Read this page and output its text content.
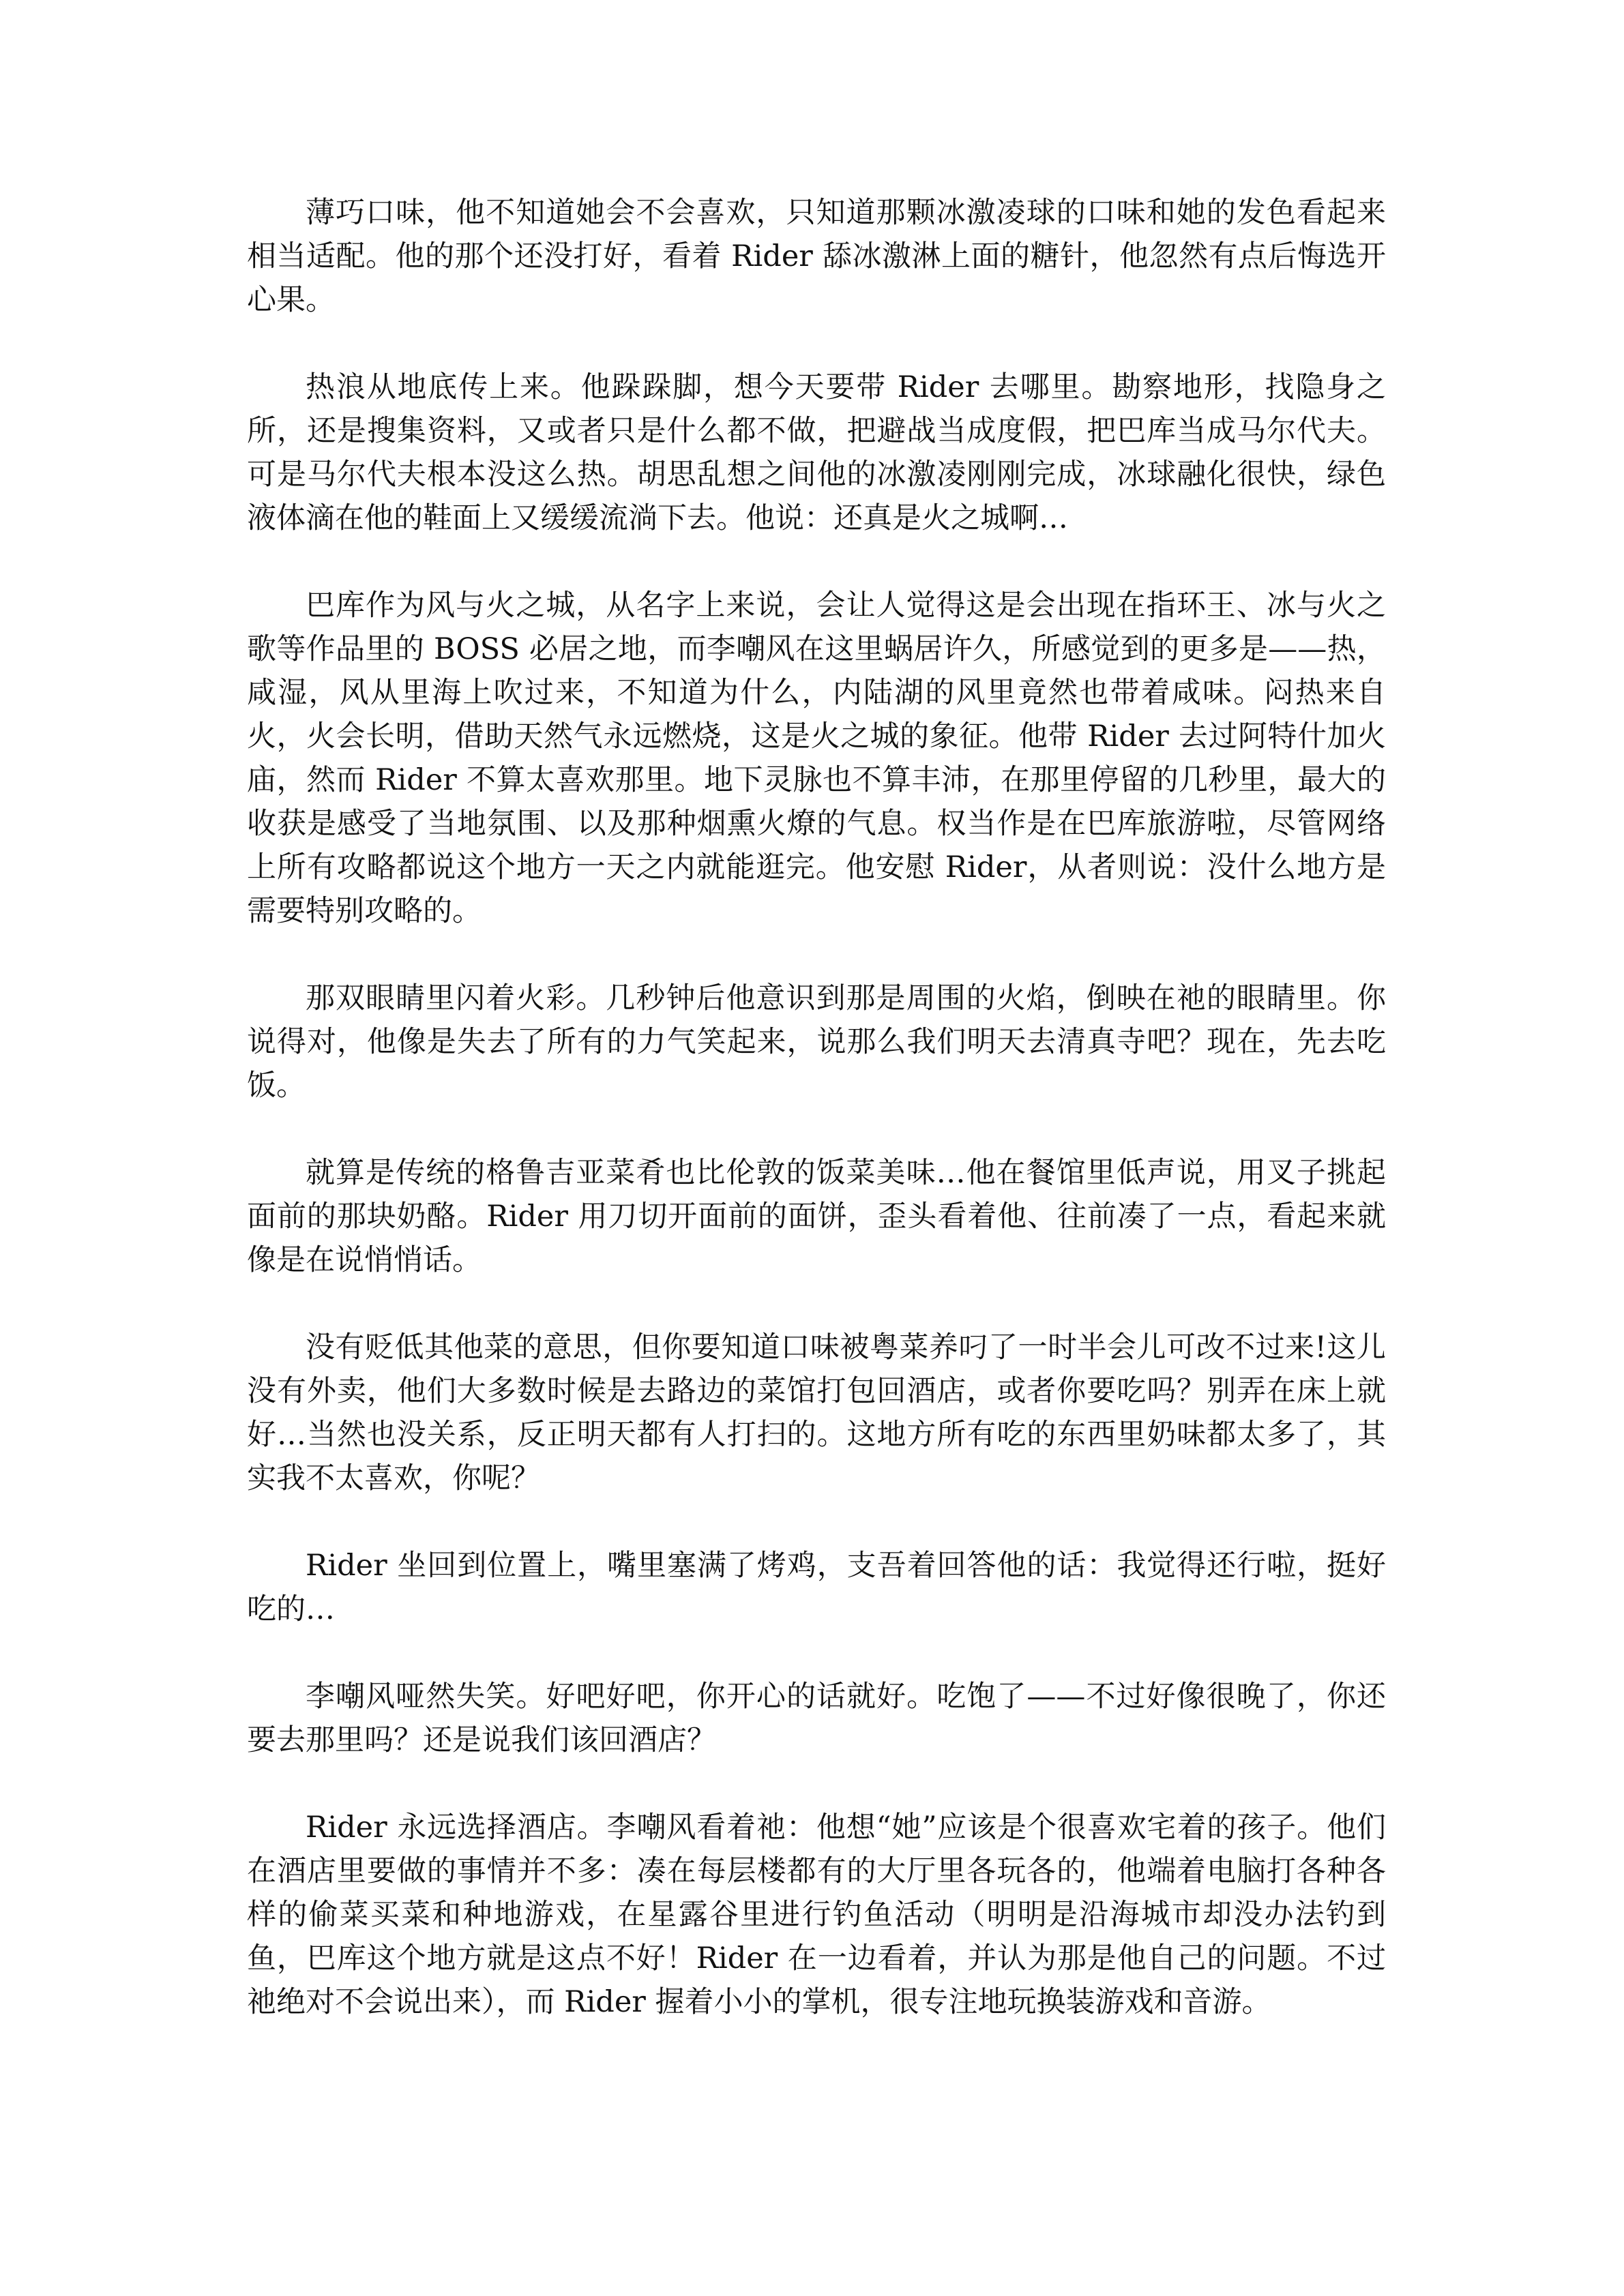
薄巧口味，他不知道她会不会喜欢，只知道那颗冰激凌球的口味和她的发色看起来相当适配。他的那个还没打好，看着 Rider 舔冰激淋上面的糖针，他忽然有点后悔选开心果。

热浪从地底传上来。他跺跺脚，想今天要带 Rider 去哪里。勘察地形，找隐身之所，还是搜集资料，又或者只是什么都不做，把避战当成度假，把巴库当成马尔代夫。可是马尔代夫根本没这么热。胡思乱想之间他的冰激凌刚刚完成，冰球融化很快，绿色液体滴在他的鞋面上又缓缓流淌下去。他说：还真是火之城啊…

巴库作为风与火之城，从名字上来说，会让人觉得这是会出现在指环王、冰与火之歌等作品里的 BOSS 必居之地，而李嘲风在这里蜗居许久，所感觉到的更多是——热，咸湿，风从里海上吹过来，不知道为什么，内陆湖的风里竟然也带着咸味。闷热来自火，火会长明，借助天然气永远燃烧，这是火之城的象征。他带 Rider 去过阿特什加火庙，然而 Rider 不算太喜欢那里。地下灵脉也不算丰沛，在那里停留的几秒里，最大的收获是感受了当地氛围、以及那种烟熏火燎的气息。权当作是在巴库旅游啦，尽管网络上所有攻略都说这个地方一天之内就能逛完。他安慰 Rider，从者则说：没什么地方是需要特别攻略的。

那双眼睛里闪着火彩。几秒钟后他意识到那是周围的火焰，倒映在祂的眼睛里。你说得对，他像是失去了所有的力气笑起来，说那么我们明天去清真寺吧？现在，先去吃饭。

就算是传统的格鲁吉亚菜肴也比伦敦的饭菜美味…他在餐馆里低声说，用叉子挑起面前的那块奶酪。Rider 用刀切开面前的面饼，歪头看着他、往前凑了一点，看起来就像是在说悄悄话。

没有贬低其他菜的意思，但你要知道口味被粤菜养叼了一时半会儿可改不过来!这儿没有外卖，他们大多数时候是去路边的菜馆打包回酒店，或者你要吃吗？别弄在床上就好…当然也没关系，反正明天都有人打扫的。这地方所有吃的东西里奶味都太多了，其实我不太喜欢，你呢？

Rider 坐回到位置上，嘴里塞满了烤鸡，支吾着回答他的话：我觉得还行啦，挺好吃的…

李嘲风哑然失笑。好吧好吧，你开心的话就好。吃饱了——不过好像很晚了，你还要去那里吗？还是说我们该回酒店？

Rider 永远选择酒店。李嘲风看着祂：他想“她”应该是个很喜欢宅着的孩子。他们在酒店里要做的事情并不多：凑在每层楼都有的大厅里各玩各的，他端着电脑打各种各样的偷菜买菜和种地游戏，在星露谷里进行钓鱼活动（明明是沿海城市却没办法钓到鱼，巴库这个地方就是这点不好！Rider 在一边看着，并认为那是他自己的问题。不过祂绝对不会说出来），而 Rider 握着小小的掌机，很专注地玩换装游戏和音游。
